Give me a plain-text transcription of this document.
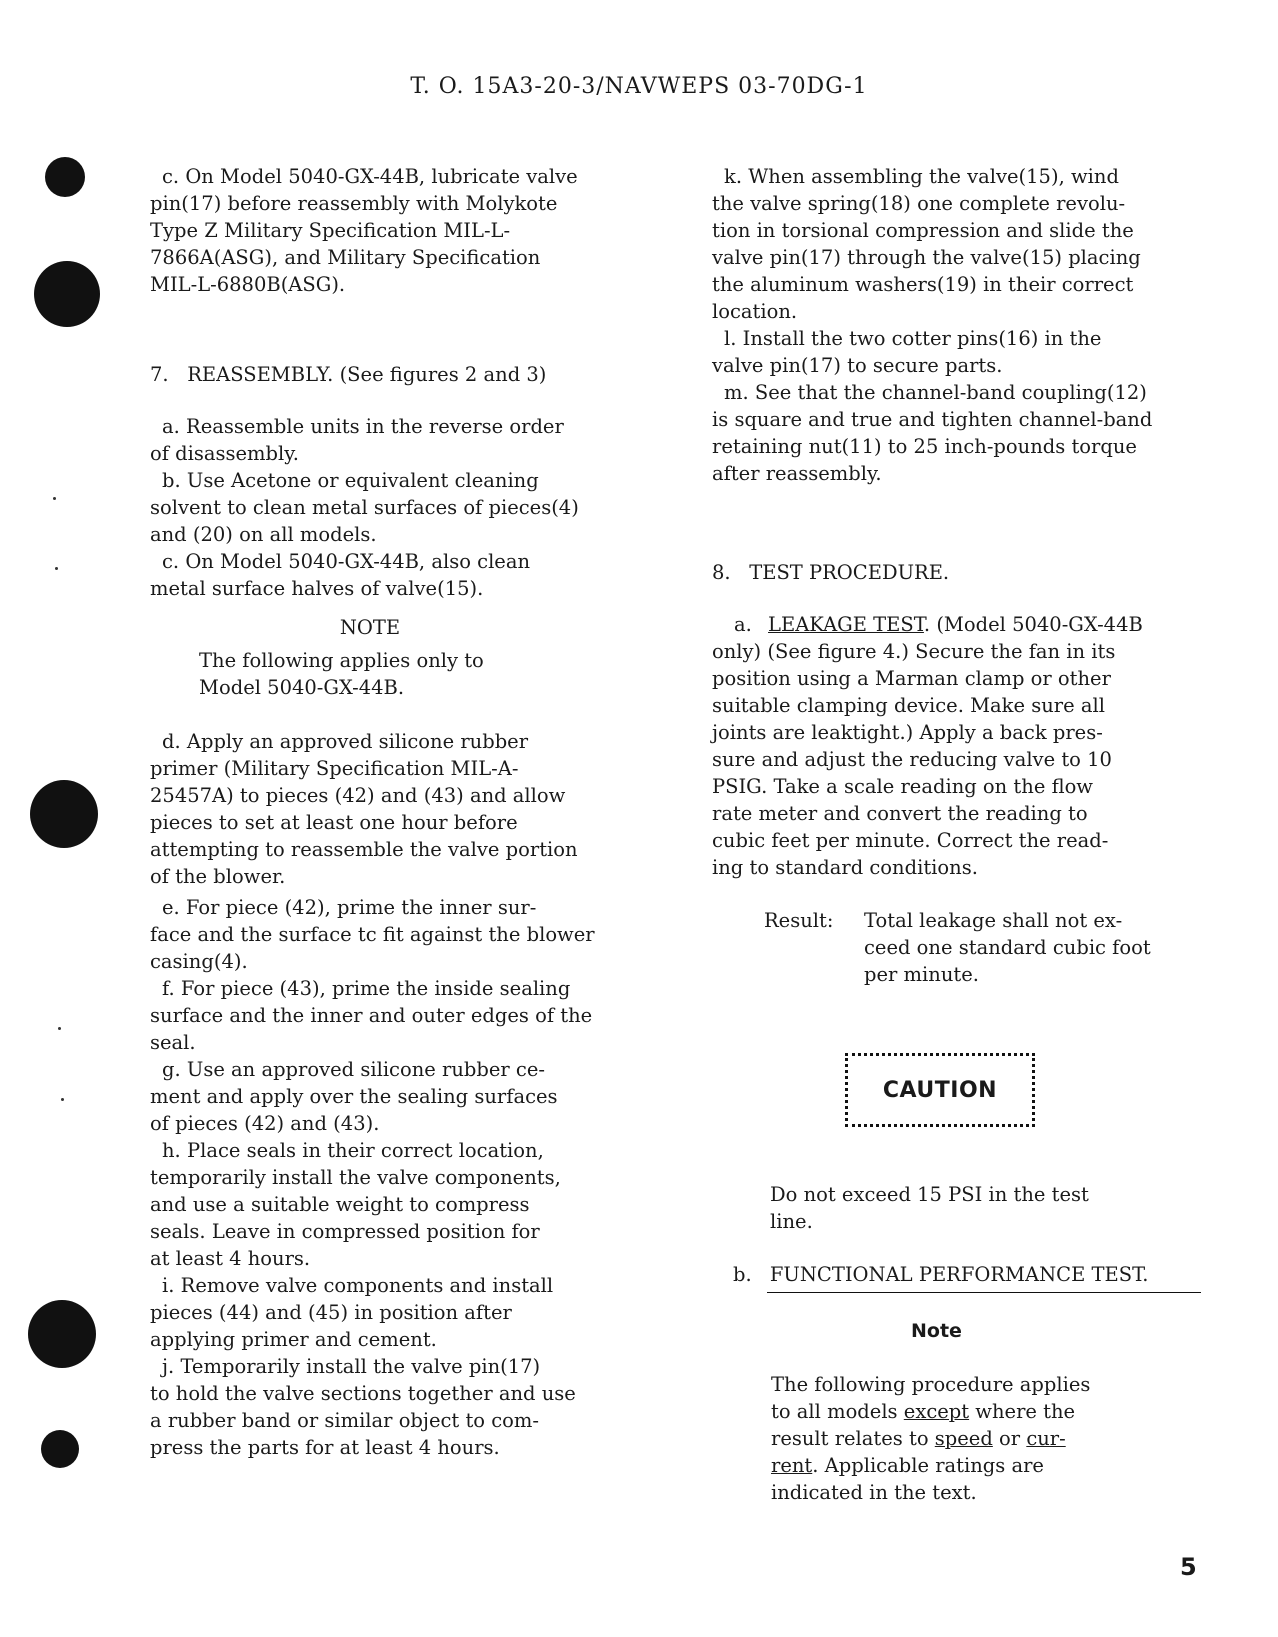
T. O. 15A3-20-3/NAVWEPS 03-70DG-1

c. On Model 5040-GX-44B, lubricate valve

pin(17) before reassembly with Molykote

Type Z Military Specification MIL-L-

7866A(ASG), and Military Specification

MIL-L-6880B(ASG).

7.   REASSEMBLY. (See figures 2 and 3)

a. Reassemble units in the reverse order

of disassembly.

b. Use Acetone or equivalent cleaning

solvent to clean metal surfaces of pieces(4)

and (20) on all models.

c. On Model 5040-GX-44B, also clean

metal surface halves of valve(15).

NOTE

The following applies only to

Model 5040-GX-44B.

d. Apply an approved silicone rubber

primer (Military Specification MIL-A-

25457A) to pieces (42) and (43) and allow

pieces to set at least one hour before

attempting to reassemble the valve portion

of the blower.

e. For piece (42), prime the inner sur-

face and the surface tc fit against the blower

casing(4).

f. For piece (43), prime the inside sealing

surface and the inner and outer edges of the

seal.

g. Use an approved silicone rubber ce-

ment and apply over the sealing surfaces

of pieces (42) and (43).

h. Place seals in their correct location,

temporarily install the valve components,

and use a suitable weight to compress

seals. Leave in compressed position for

at least 4 hours.

i. Remove valve components and install

pieces (44) and (45) in position after

applying primer and cement.

j. Temporarily install the valve pin(17)

to hold the valve sections together and use

a rubber band or similar object to com-

press the parts for at least 4 hours.

k. When assembling the valve(15), wind

the valve spring(18) one complete revolu-

tion in torsional compression and slide the

valve pin(17) through the valve(15) placing

the aluminum washers(19) in their correct

location.

l. Install the two cotter pins(16) in the

valve pin(17) to secure parts.

m. See that the channel-band coupling(12)

is square and true and tighten channel-band

retaining nut(11) to 25 inch-pounds torque

after reassembly.

8.   TEST PROCEDURE.

a. LEAKAGE TEST. (Model 5040-GX-44B

only) (See figure 4.) Secure the fan in its

position using a Marman clamp or other

suitable clamping device. Make sure all

joints are leaktight.) Apply a back pres-

sure and adjust the reducing valve to 10

PSIG. Take a scale reading on the flow

rate meter and convert the reading to

cubic feet per minute. Correct the read-

ing to standard conditions.

Result:	Total leakage shall not ex-

ceed one standard cubic foot

per minute.

CAUTION

Do not exceed 15 PSI in the test

line.

b. FUNCTIONAL PERFORMANCE TEST.

Note

The following procedure applies

to all models except where the

result relates to speed or cur-

rent. Applicable ratings are

indicated in the text.

5
